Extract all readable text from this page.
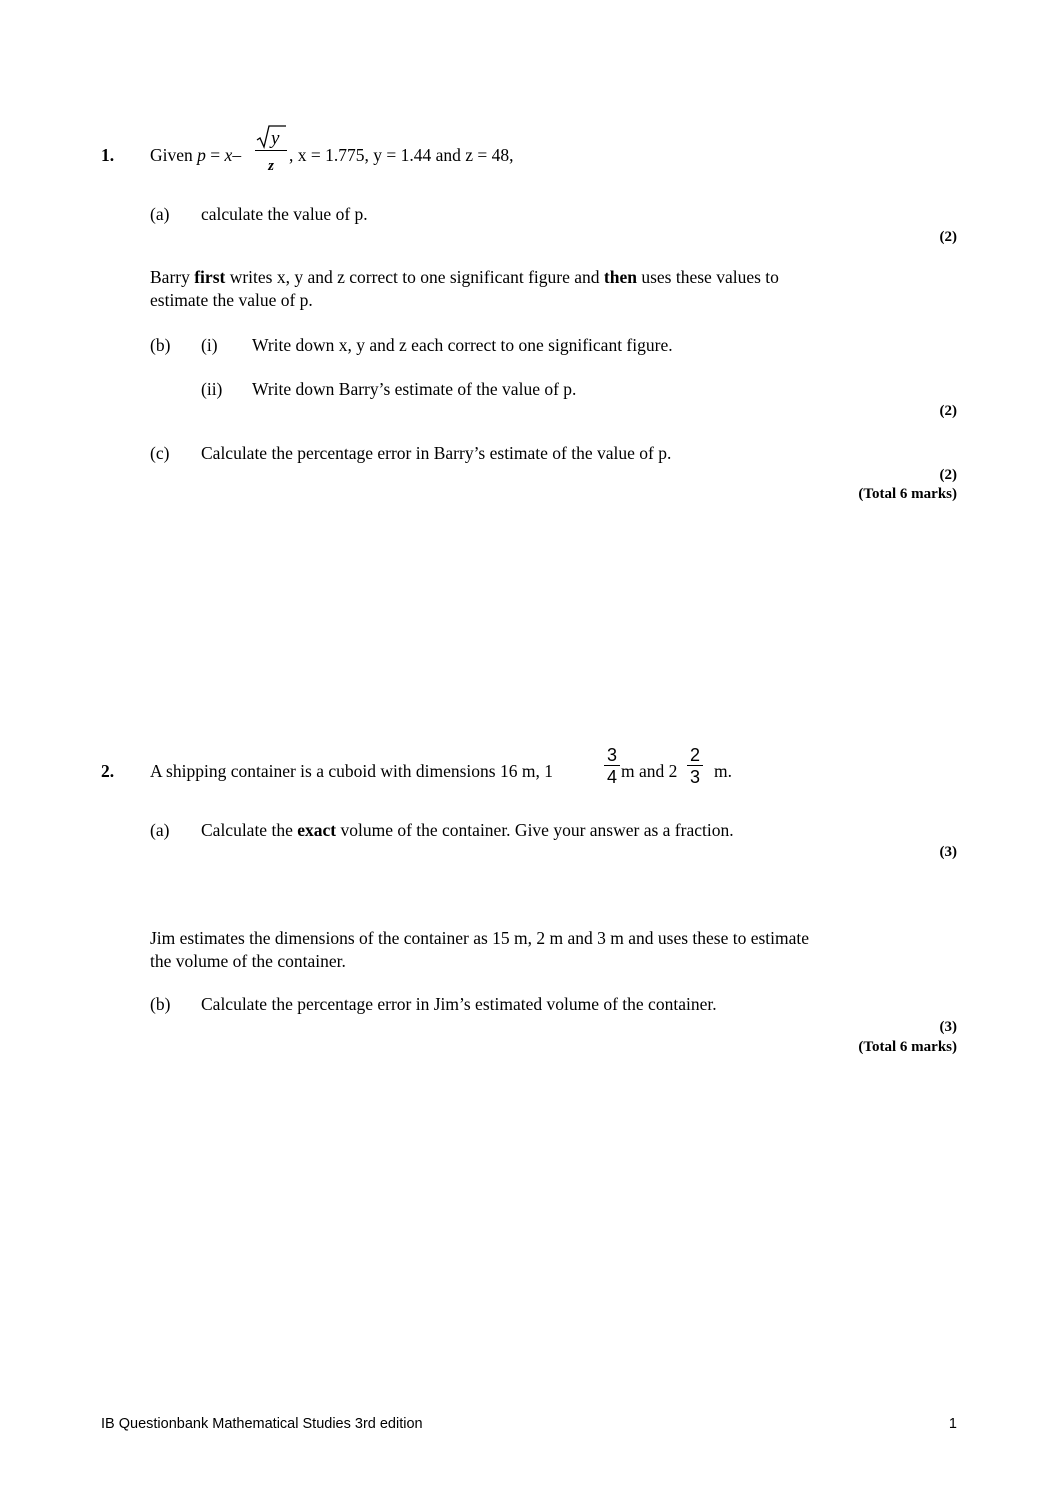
1. Given p = x–
y
z
, x = 1.775, y = 1.44 and z = 48,
(a) calculate the value of p.
(2)
Barry first writes x, y and z correct to one significant figure and then uses these values to
estimate the value of p.
(b) (i) Write down x, y and z each correct to one significant figure.
(ii) Write down Barry’s estimate of the value of p.
(2)
(c) Calculate the percentage error in Barry’s estimate of the value of p.
(2)
(Total 6 marks)
2. A shipping container is a cuboid with dimensions 16 m, 1
3
4 m and 2
2
3 m.
(a) Calculate the exact volume of the container. Give your answer as a fraction.
(3)
Jim estimates the dimensions of the container as 15 m, 2 m and 3 m and uses these to estimate
the volume of the container.
(b) Calculate the percentage error in Jim’s estimated volume of the container.
(3)
(Total 6 marks)
IB Questionbank Mathematical Studies 3rd edition	1
